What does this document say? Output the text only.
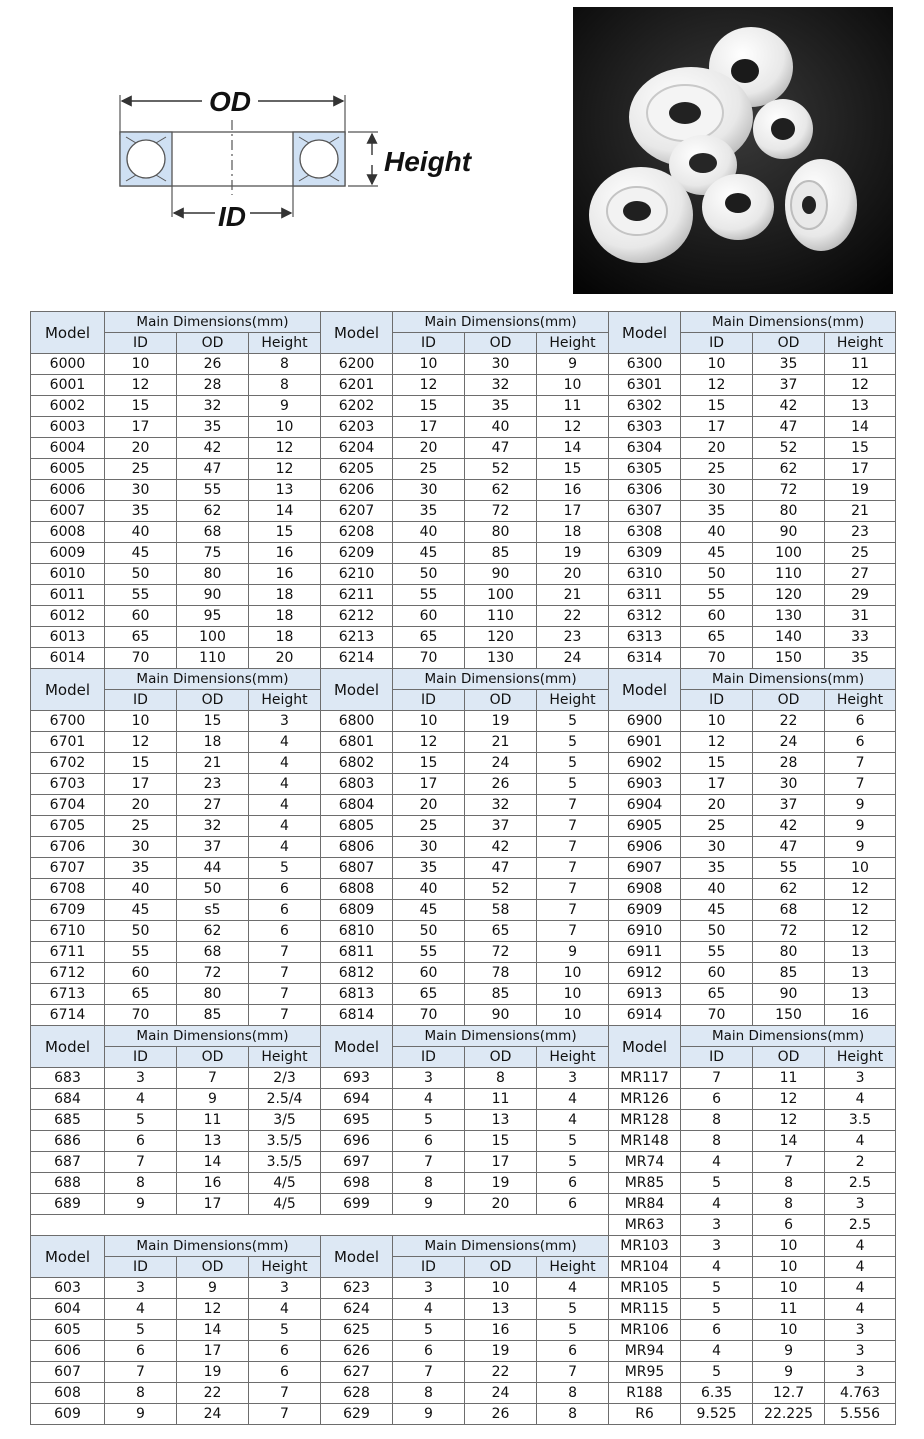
OD
ID
Height
Model	Main Dimensions(mm)			Model	Main Dimensions(mm)			Model	Main Dimensions(mm)		
	ID	OD	Height		ID	OD	Height		ID	OD	Height
6000	10	26	8	6200	10	30	9	6300	10	35	11
6001	12	28	8	6201	12	32	10	6301	12	37	12
6002	15	32	9	6202	15	35	11	6302	15	42	13
6003	17	35	10	6203	17	40	12	6303	17	47	14
6004	20	42	12	6204	20	47	14	6304	20	52	15
6005	25	47	12	6205	25	52	15	6305	25	62	17
6006	30	55	13	6206	30	62	16	6306	30	72	19
6007	35	62	14	6207	35	72	17	6307	35	80	21
6008	40	68	15	6208	40	80	18	6308	40	90	23
6009	45	75	16	6209	45	85	19	6309	45	100	25
6010	50	80	16	6210	50	90	20	6310	50	110	27
6011	55	90	18	6211	55	100	21	6311	55	120	29
6012	60	95	18	6212	60	110	22	6312	60	130	31
6013	65	100	18	6213	65	120	23	6313	65	140	33
6014	70	110	20	6214	70	130	24	6314	70	150	35
Model	Main Dimensions(mm)			Model	Main Dimensions(mm)			Model	Main Dimensions(mm)		
	ID	OD	Height		ID	OD	Height		ID	OD	Height
6700	10	15	3	6800	10	19	5	6900	10	22	6
6701	12	18	4	6801	12	21	5	6901	12	24	6
6702	15	21	4	6802	15	24	5	6902	15	28	7
6703	17	23	4	6803	17	26	5	6903	17	30	7
6704	20	27	4	6804	20	32	7	6904	20	37	9
6705	25	32	4	6805	25	37	7	6905	25	42	9
6706	30	37	4	6806	30	42	7	6906	30	47	9
6707	35	44	5	6807	35	47	7	6907	35	55	10
6708	40	50	6	6808	40	52	7	6908	40	62	12
6709	45	s5	6	6809	45	58	7	6909	45	68	12
6710	50	62	6	6810	50	65	7	6910	50	72	12
6711	55	68	7	6811	55	72	9	6911	55	80	13
6712	60	72	7	6812	60	78	10	6912	60	85	13
6713	65	80	7	6813	65	85	10	6913	65	90	13
6714	70	85	7	6814	70	90	10	6914	70	150	16
Model	Main Dimensions(mm)			Model	Main Dimensions(mm)			Model	Main Dimensions(mm)		
	ID	OD	Height		ID	OD	Height		ID	OD	Height
683	3	7	2/3	693	3	8	3	MR117	7	11	3
684	4	9	2.5/4	694	4	11	4	MR126	6	12	4
685	5	11	3/5	695	5	13	4	MR128	8	12	3.5
686	6	13	3.5/5	696	6	15	5	MR148	8	14	4
687	7	14	3.5/5	697	7	17	5	MR74	4	7	2
688	8	16	4/5	698	8	19	6	MR85	5	8	2.5
689	9	17	4/5	699	9	20	6	MR84	4	8	3
								MR63	3	6	2.5
Model	Main Dimensions(mm)			Model	Main Dimensions(mm)			MR103	3	10	4
	ID	OD	Height		ID	OD	Height	MR104	4	10	4
603	3	9	3	623	3	10	4	MR105	5	10	4
604	4	12	4	624	4	13	5	MR115	5	11	4
605	5	14	5	625	5	16	5	MR106	6	10	3
606	6	17	6	626	6	19	6	MR94	4	9	3
607	7	19	6	627	7	22	7	MR95	5	9	3
608	8	22	7	628	8	24	8	R188	6.35	12.7	4.763
609	9	24	7	629	9	26	8	R6	9.525	22.225	5.556
